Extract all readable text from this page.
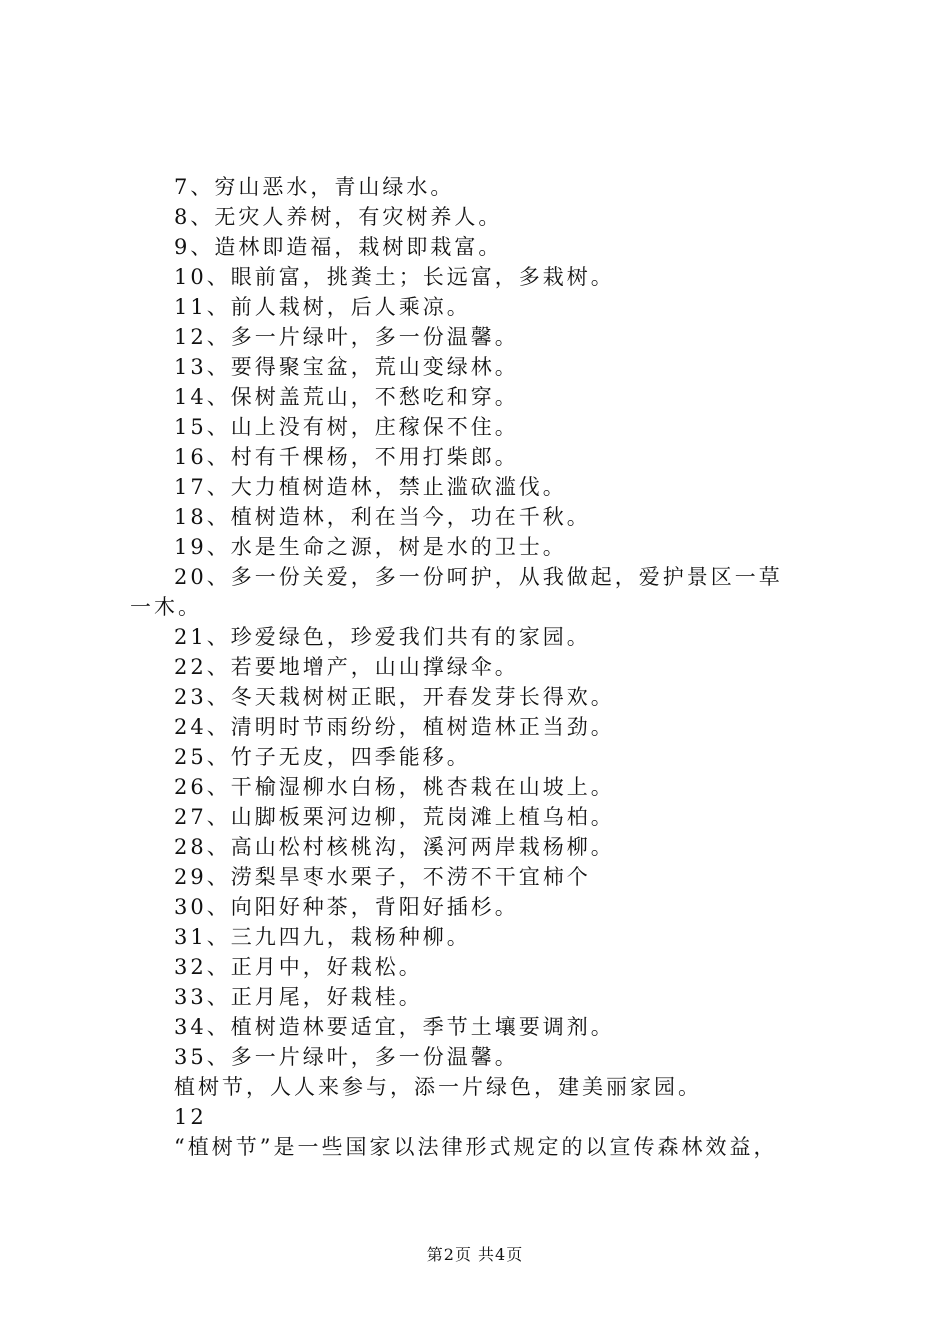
7、穷山恶水，青山绿水。
8、无灾人养树，有灾树养人。
9、造林即造福，栽树即栽富。
10、眼前富，挑粪土；长远富，多栽树。
11、前人栽树，后人乘凉。
12、多一片绿叶，多一份温馨。
13、要得聚宝盆，荒山变绿林。
14、保树盖荒山，不愁吃和穿。
15、山上没有树，庄稼保不住。
16、村有千棵杨，不用打柴郎。
17、大力植树造林，禁止滥砍滥伐。
18、植树造林，利在当今，功在千秋。
19、水是生命之源，树是水的卫士。
20、多一份关爱，多一份呵护，从我做起，爱护景区一草
一木。
21、珍爱绿色，珍爱我们共有的家园。
22、若要地增产，山山撑绿伞。
23、冬天栽树树正眠，开春发芽长得欢。
24、清明时节雨纷纷，植树造林正当劲。
25、竹子无皮，四季能移。
26、干榆湿柳水白杨，桃杏栽在山坡上。
27、山脚板栗河边柳，荒岗滩上植乌柏。
28、高山松村核桃沟，溪河两岸栽杨柳。
29、涝梨旱枣水栗子，不涝不干宜柿个
30、向阳好种茶，背阳好插杉。
31、三九四九，栽杨种柳。
32、正月中，好栽松。
33、正月尾，好栽桂。
34、植树造林要适宜，季节土壤要调剂。
35、多一片绿叶，多一份温馨。
植树节，人人来参与，添一片绿色，建美丽家园。
12
“植树节”是一些国家以法律形式规定的以宣传森林效益，
第2页 共4页
